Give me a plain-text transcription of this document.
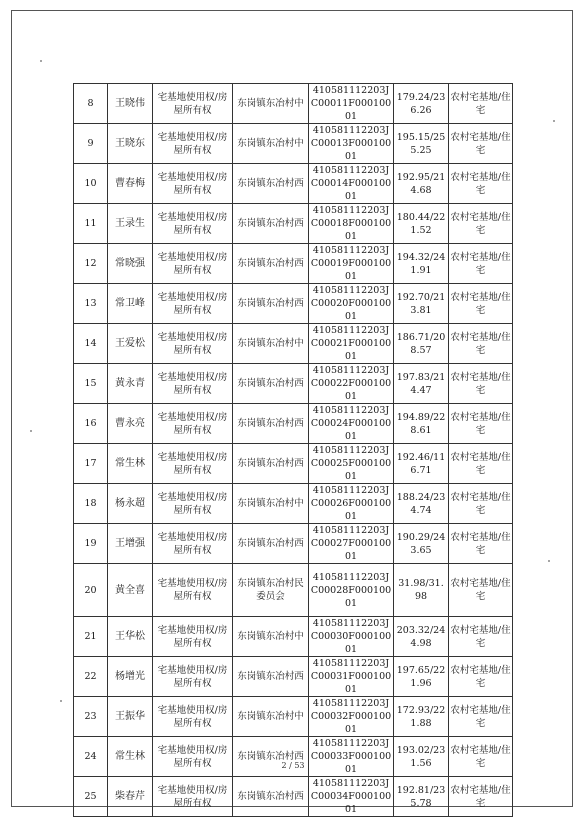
8	王晓伟	宅基地使用权/房屋所有权	东岗镇东冶村中	410581112203JC00011F00010001	179.24/236.26	农村宅基地/住宅
9	王晓东	宅基地使用权/房屋所有权	东岗镇东冶村中	410581112203JC00013F00010001	195.15/255.25	农村宅基地/住宅
10	曹春梅	宅基地使用权/房屋所有权	东岗镇东冶村西	410581112203JC00014F00010001	192.95/214.68	农村宅基地/住宅
11	王录生	宅基地使用权/房屋所有权	东岗镇东冶村西	410581112203JC00018F00010001	180.44/221.52	农村宅基地/住宅
12	常晓强	宅基地使用权/房屋所有权	东岗镇东冶村西	410581112203JC00019F00010001	194.32/241.91	农村宅基地/住宅
13	常卫峰	宅基地使用权/房屋所有权	东岗镇东冶村西	410581112203JC00020F00010001	192.70/213.81	农村宅基地/住宅
14	王爱松	宅基地使用权/房屋所有权	东岗镇东冶村中	410581112203JC00021F00010001	186.71/208.57	农村宅基地/住宅
15	黄永青	宅基地使用权/房屋所有权	东岗镇东冶村西	410581112203JC00022F00010001	197.83/214.47	农村宅基地/住宅
16	曹永亮	宅基地使用权/房屋所有权	东岗镇东冶村西	410581112203JC00024F00010001	194.89/228.61	农村宅基地/住宅
17	常生林	宅基地使用权/房屋所有权	东岗镇东冶村西	410581112203JC00025F00010001	192.46/116.71	农村宅基地/住宅
18	杨永超	宅基地使用权/房屋所有权	东岗镇东冶村中	410581112203JC00026F00010001	188.24/234.74	农村宅基地/住宅
19	王增强	宅基地使用权/房屋所有权	东岗镇东冶村西	410581112203JC00027F00010001	190.29/243.65	农村宅基地/住宅
20	黄全喜	宅基地使用权/房屋所有权	东岗镇东冶村民委员会	410581112203JC00028F00010001	31.98/31.98	农村宅基地/住宅
21	王华松	宅基地使用权/房屋所有权	东岗镇东冶村中	410581112203JC00030F00010001	203.32/244.98	农村宅基地/住宅
22	杨增光	宅基地使用权/房屋所有权	东岗镇东冶村西	410581112203JC00031F00010001	197.65/221.96	农村宅基地/住宅
23	王振华	宅基地使用权/房屋所有权	东岗镇东冶村中	410581112203JC00032F00010001	172.93/221.88	农村宅基地/住宅
24	常生林	宅基地使用权/房屋所有权	东岗镇东冶村西	410581112203JC00033F00010001	193.02/231.56	农村宅基地/住宅
25	柴春芹	宅基地使用权/房屋所有权	东岗镇东冶村西	410581112203JC00034F00010001	192.81/235.78	农村宅基地/住宅
2 / 53
